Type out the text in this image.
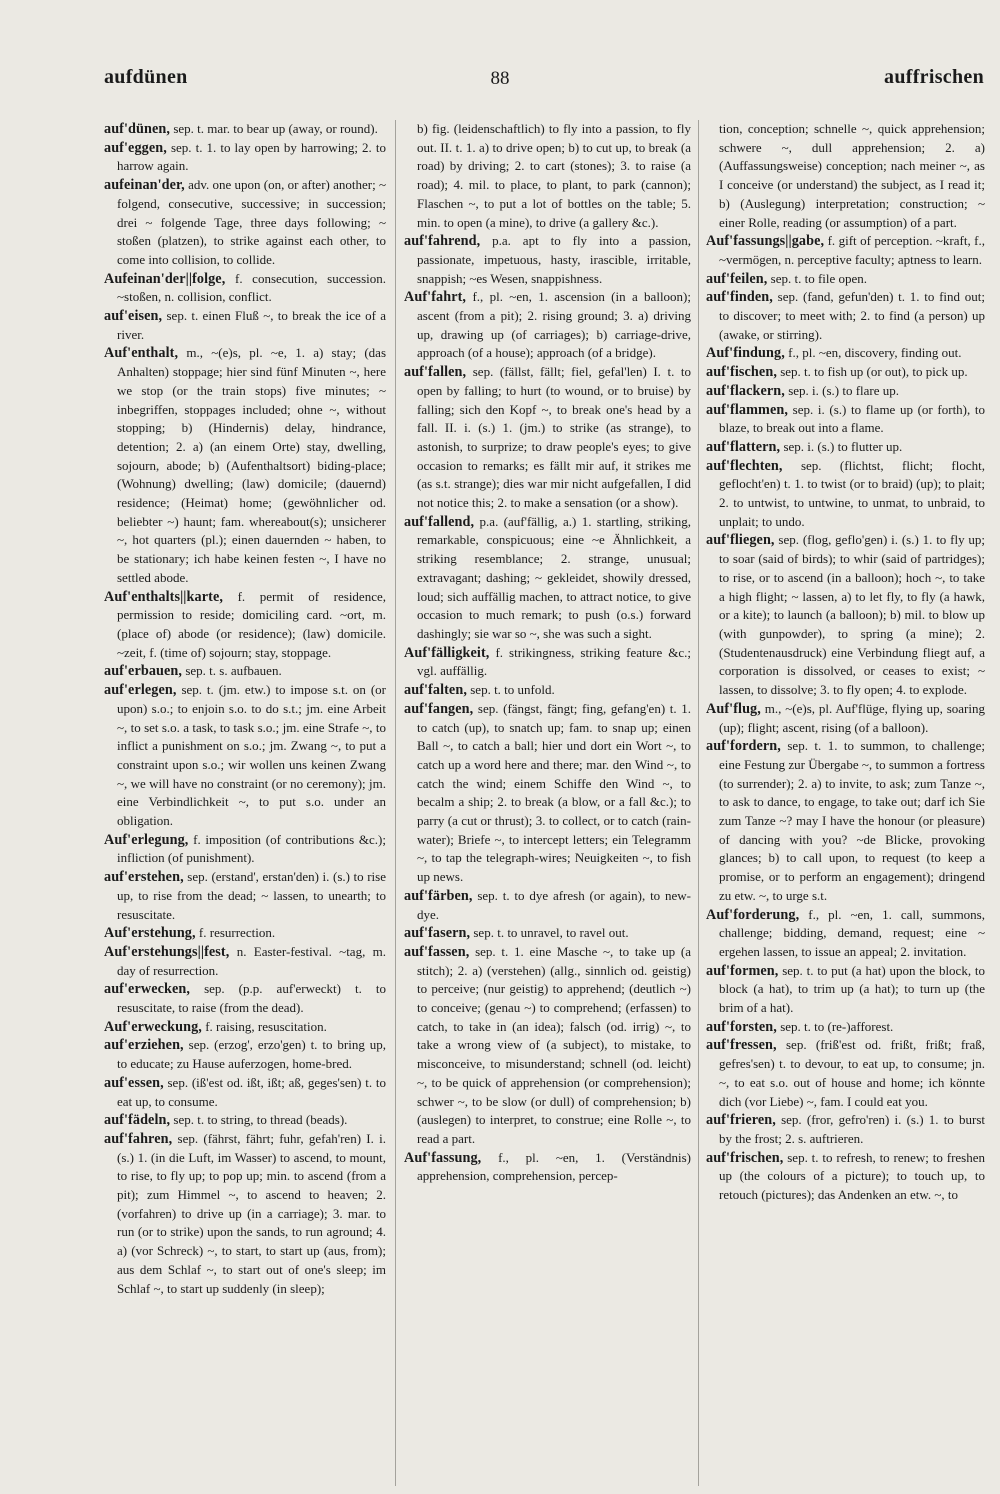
aufdünen	88	auffrischen

auf'dünen, sep. t. mar. to bear up (away, or round).

auf'eggen, sep. t. 1. to lay open by harrowing; 2. to harrow again.

aufeinan'der, adv. one upon (on, or after) another; ~ folgend, consecutive, successive; in succession; drei ~ folgende Tage, three days following; ~ stoßen (platzen), to strike against each other, to come into collision, to collide.

Aufeinan'der||folge, f. consecution, succession. ~stoßen, n. collision, conflict.

auf'eisen, sep. t. einen Fluß ~, to break the ice of a river.

Auf'enthalt, m., ~(e)s, pl. ~e, 1. a) stay; (das Anhalten) stoppage; hier sind fünf Minuten ~, here we stop (or the train stops) five minutes; ~ inbegriffen, stoppages included; ohne ~, without stopping; b) (Hindernis) delay, hindrance, detention; 2. a) (an einem Orte) stay, dwelling, sojourn, abode; b) (Aufenthaltsort) biding-place; (Wohnung) dwelling; (law) domicile; (dauernd) residence; (Heimat) home; (gewöhnlicher od. beliebter ~) haunt; fam. whereabout(s); unsicherer ~, hot quarters (pl.); einen dauernden ~ haben, to be stationary; ich habe keinen festen ~, I have no settled abode.

Auf'enthalts||karte, f. permit of residence, permission to reside; domiciling card. ~ort, m. (place of) abode (or residence); (law) domicile. ~zeit, f. (time of) sojourn; stay, stoppage.

auf'erbauen, sep. t. s. aufbauen.

auf'erlegen, sep. t. (jm. etw.) to impose s.t. on (or upon) s.o.; to enjoin s.o. to do s.t.; jm. eine Arbeit ~, to set s.o. a task, to task s.o.; jm. eine Strafe ~, to inflict a punishment on s.o.; jm. Zwang ~, to put a constraint upon s.o.; wir wollen uns keinen Zwang ~, we will have no constraint (or no ceremony); jm. eine Verbindlichkeit ~, to put s.o. under an obligation.

Auf'erlegung, f. imposition (of contributions &c.); infliction (of punishment).

auf'erstehen, sep. (erstand', erstan'den) i. (s.) to rise up, to rise from the dead; ~ lassen, to unearth; to resuscitate.

Auf'erstehung, f. resurrection.

Auf'erstehungs||fest, n. Easter-festival. ~tag, m. day of resurrection.

auf'erwecken, sep. (p.p. auf'erweckt) t. to resuscitate, to raise (from the dead).

Auf'erweckung, f. raising, resuscitation.

auf'erziehen, sep. (erzog', erzo'gen) t. to bring up, to educate; zu Hause auferzogen, home-bred.

auf'essen, sep. (iß'est od. ißt, ißt; aß, geges'sen) t. to eat up, to consume.

auf'fädeln, sep. t. to string, to thread (beads).

auf'fahren, sep. (fährst, fährt; fuhr, gefah'ren) I. i. (s.) 1. (in die Luft, im Wasser) to ascend, to mount, to rise, to fly up; to pop up; min. to ascend (from a pit); zum Himmel ~, to ascend to heaven; 2. (vorfahren) to drive up (in a carriage); 3. mar. to run (or to strike) upon the sands, to run aground; 4. a) (vor Schreck) ~, to start, to start up (aus, from); aus dem Schlaf ~, to start out of one's sleep; im Schlaf ~, to start up suddenly (in sleep);

b) fig. (leidenschaftlich) to fly into a passion, to fly out. II. t. 1. a) to drive open; b) to cut up, to break (a road) by driving; 2. to cart (stones); 3. to raise (a road); 4. mil. to place, to plant, to park (cannon); Flaschen ~, to put a lot of bottles on the table; 5. min. to open (a mine), to drive (a gallery &c.).

auf'fahrend, p.a. apt to fly into a passion, passionate, impetuous, hasty, irascible, irritable, snappish; ~es Wesen, snappishness.

Auf'fahrt, f., pl. ~en, 1. ascension (in a balloon); ascent (from a pit); 2. rising ground; 3. a) driving up, drawing up (of carriages); b) carriage-drive, approach (of a house); approach (of a bridge).

auf'fallen, sep. (fällst, fällt; fiel, gefal'len) I. t. to open by falling; to hurt (to wound, or to bruise) by falling; sich den Kopf ~, to break one's head by a fall. II. i. (s.) 1. (jm.) to strike (as strange), to astonish, to surprize; to draw people's eyes; to give occasion to remarks; es fällt mir auf, it strikes me (as s.t. strange); dies war mir nicht aufgefallen, I did not notice this; 2. to make a sensation (or a show).

auf'fallend, p.a. (auf'fällig, a.) 1. startling, striking, remarkable, conspicuous; eine ~e Ähnlichkeit, a striking resemblance; 2. strange, unusual; extravagant; dashing; ~ gekleidet, showily dressed, loud; sich auffällig machen, to attract notice, to give occasion to much remark; to push (o.s.) forward dashingly; sie war so ~, she was such a sight.

Auf'fälligkeit, f. strikingness, striking feature &c.; vgl. auffällig.

auf'falten, sep. t. to unfold.

auf'fangen, sep. (fängst, fängt; fing, gefang'en) t. 1. to catch (up), to snatch up; fam. to snap up; einen Ball ~, to catch a ball; hier und dort ein Wort ~, to catch up a word here and there; mar. den Wind ~, to catch the wind; einem Schiffe den Wind ~, to becalm a ship; 2. to break (a blow, or a fall &c.); to parry (a cut or thrust); 3. to collect, or to catch (rain-water); Briefe ~, to intercept letters; ein Telegramm ~, to tap the telegraph-wires; Neuigkeiten ~, to fish up news.

auf'färben, sep. t. to dye afresh (or again), to new-dye.

auf'fasern, sep. t. to unravel, to ravel out.

auf'fassen, sep. t. 1. eine Masche ~, to take up (a stitch); 2. a) (verstehen) (allg., sinnlich od. geistig) to perceive; (nur geistig) to apprehend; (deutlich ~) to conceive; (genau ~) to comprehend; (erfassen) to catch, to take in (an idea); falsch (od. irrig) ~, to take a wrong view of (a subject), to mistake, to misconceive, to misunderstand; schnell (od. leicht) ~, to be quick of apprehension (or comprehension); schwer ~, to be slow (or dull) of comprehension; b) (auslegen) to interpret, to construe; eine Rolle ~, to read a part.

Auf'fassung, f., pl. ~en, 1. (Verständnis) apprehension, comprehension, percep-

tion, conception; schnelle ~, quick apprehension; schwere ~, dull apprehension; 2. a) (Auffassungsweise) conception; nach meiner ~, as I conceive (or understand) the subject, as I read it; b) (Auslegung) interpretation; construction; ~ einer Rolle, reading (or assumption) of a part.

Auf'fassungs||gabe, f. gift of perception. ~kraft, f., ~vermögen, n. perceptive faculty; aptness to learn.

auf'feilen, sep. t. to file open.

auf'finden, sep. (fand, gefun'den) t. 1. to find out; to discover; to meet with; 2. to find (a person) up (awake, or stirring).

Auf'findung, f., pl. ~en, discovery, finding out.

auf'fischen, sep. t. to fish up (or out), to pick up.

auf'flackern, sep. i. (s.) to flare up.

auf'flammen, sep. i. (s.) to flame up (or forth), to blaze, to break out into a flame.

auf'flattern, sep. i. (s.) to flutter up.

auf'flechten, sep. (flichtst, flicht; flocht, geflocht'en) t. 1. to twist (or to braid) (up); to plait; 2. to untwist, to untwine, to unmat, to unbraid, to unplait; to undo.

auf'fliegen, sep. (flog, geflo'gen) i. (s.) 1. to fly up; to soar (said of birds); to whir (said of partridges); to rise, or to ascend (in a balloon); hoch ~, to take a high flight; ~ lassen, a) to let fly, to fly (a hawk, or a kite); to launch (a balloon); b) mil. to blow up (with gunpowder), to spring (a mine); 2. (Studentenausdruck) eine Verbindung fliegt auf, a corporation is dissolved, or ceases to exist; ~ lassen, to dissolve; 3. to fly open; 4. to explode.

Auf'flug, m., ~(e)s, pl. Auf'flüge, flying up, soaring (up); flight; ascent, rising (of a balloon).

auf'fordern, sep. t. 1. to summon, to challenge; eine Festung zur Übergabe ~, to summon a fortress (to surrender); 2. a) to invite, to ask; zum Tanze ~, to ask to dance, to engage, to take out; darf ich Sie zum Tanze ~? may I have the honour (or pleasure) of dancing with you? ~de Blicke, provoking glances; b) to call upon, to request (to keep a promise, or to perform an engagement); dringend zu etw. ~, to urge s.t.

Auf'forderung, f., pl. ~en, 1. call, summons, challenge; bidding, demand, request; eine ~ ergehen lassen, to issue an appeal; 2. invitation.

auf'formen, sep. t. to put (a hat) upon the block, to block (a hat), to trim up (a hat); to turn up (the brim of a hat).

auf'forsten, sep. t. to (re-)afforest.

auf'fressen, sep. (friß'est od. frißt, frißt; fraß, gefres'sen) t. to devour, to eat up, to consume; jn. ~, to eat s.o. out of house and home; ich könnte dich (vor Liebe) ~, fam. I could eat you.

auf'frieren, sep. (fror, gefro'ren) i. (s.) 1. to burst by the frost; 2. s. auftrieren.

auf'frischen, sep. t. to refresh, to renew; to freshen up (the colours of a picture); to touch up, to retouch (pictures); das Andenken an etw. ~, to
